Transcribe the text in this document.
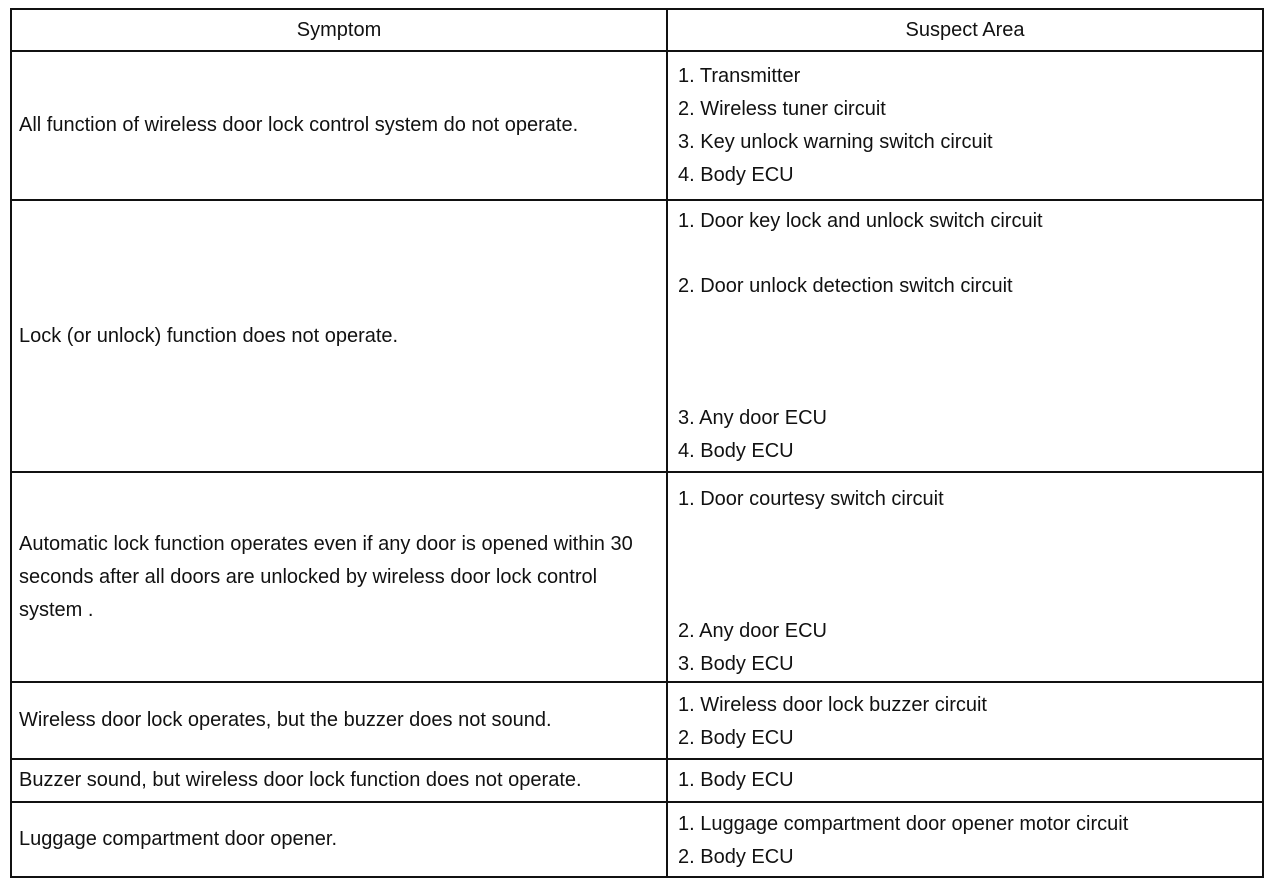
Symptom	Suspect Area
All function of wireless door lock control system do not operate.	1. Transmitter
2. Wireless tuner circuit
3. Key unlock warning switch circuit
4. Body ECU

Lock (or unlock) function does not operate.	1. Door key lock and unlock switch circuit
2. Door unlock detection switch circuit
3. Any door ECU
4. Body ECU

Automatic lock function operates even if any door is opened within 30 seconds after all doors are unlocked by wireless door lock control system .	1. Door courtesy switch circuit
2. Any door ECU
3. Body ECU

Wireless door lock operates, but the buzzer does not sound.	1. Wireless door lock buzzer circuit
2. Body ECU

Buzzer sound, but wireless door lock function does not operate.	1. Body ECU

Luggage compartment door opener.	1. Luggage compartment door opener motor circuit
2. Body ECU
